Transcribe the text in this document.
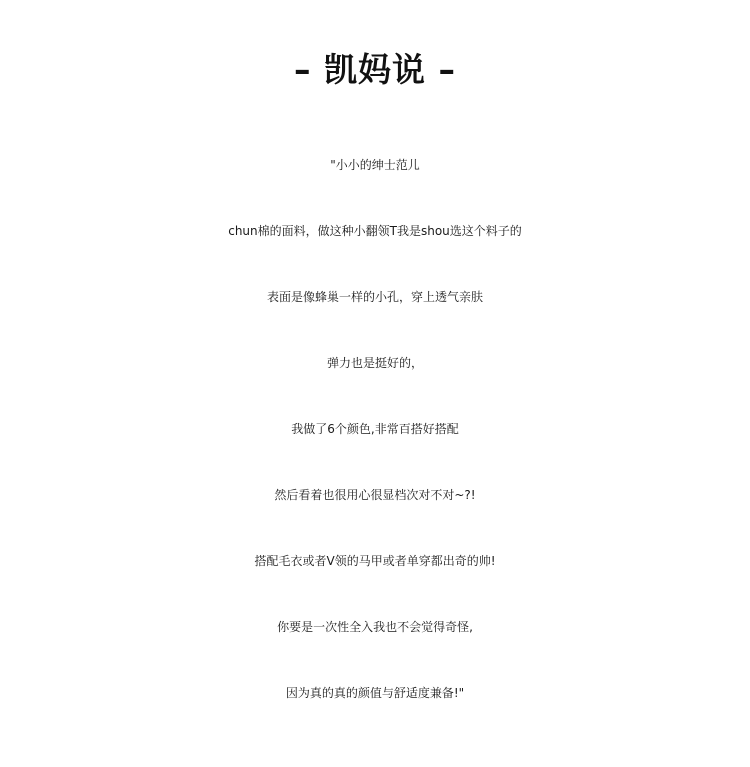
– 凯妈说 –
"小小的绅士范儿
chun棉的面料，做这种小翻领T我是shou选这个料子的
表面是像蜂巢一样的小孔，穿上透气亲肤
弹力也是挺好的，
我做了6个颜色,非常百搭好搭配
然后看着也很用心很显档次对不对~?!
搭配毛衣或者V领的马甲或者单穿都出奇的帅!
你要是一次性全入我也不会觉得奇怪,
因为真的真的颜值与舒适度兼备!"
